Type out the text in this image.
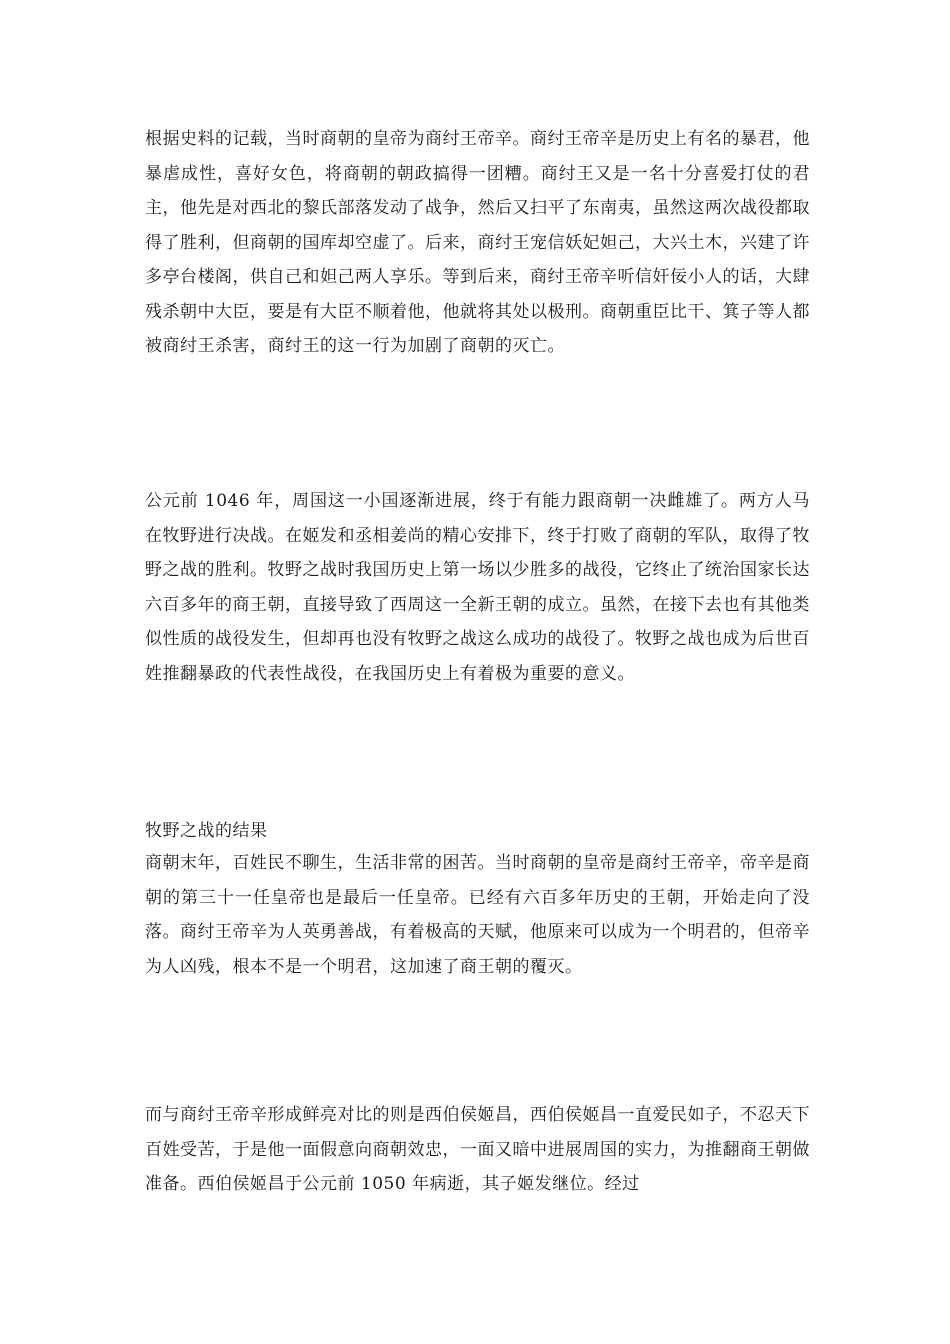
根据史料的记载，当时商朝的皇帝为商纣王帝辛。商纣王帝辛是历史上有名的暴君，他暴虐成性，喜好女色，将商朝的朝政搞得一团糟。商纣王又是一名十分喜爱打仗的君主，他先是对西北的黎氏部落发动了战争，然后又扫平了东南夷，虽然这两次战役都取得了胜利，但商朝的国库却空虚了。后来，商纣王宠信妖妃妲己，大兴土木，兴建了许多亭台楼阁，供自己和妲己两人享乐。等到后来，商纣王帝辛听信奸佞小人的话，大肆残杀朝中大臣，要是有大臣不顺着他，他就将其处以极刑。商朝重臣比干、箕子等人都被商纣王杀害，商纣王的这一行为加剧了商朝的灭亡。

公元前 1046 年，周国这一小国逐渐进展，终于有能力跟商朝一决雌雄了。两方人马在牧野进行决战。在姬发和丞相姜尚的精心安排下，终于打败了商朝的军队，取得了牧野之战的胜利。牧野之战时我国历史上第一场以少胜多的战役，它终止了统治国家长达六百多年的商王朝，直接导致了西周这一全新王朝的成立。虽然，在接下去也有其他类似性质的战役发生，但却再也没有牧野之战这么成功的战役了。牧野之战也成为后世百姓推翻暴政的代表性战役，在我国历史上有着极为重要的意义。

牧野之战的结果

商朝末年，百姓民不聊生，生活非常的困苦。当时商朝的皇帝是商纣王帝辛，帝辛是商朝的第三十一任皇帝也是最后一任皇帝。已经有六百多年历史的王朝，开始走向了没落。商纣王帝辛为人英勇善战，有着极高的天赋，他原来可以成为一个明君的，但帝辛为人凶残，根本不是一个明君，这加速了商王朝的覆灭。

而与商纣王帝辛形成鲜亮对比的则是西伯侯姬昌，西伯侯姬昌一直爱民如子，不忍天下百姓受苦，于是他一面假意向商朝效忠，一面又暗中进展周国的实力，为推翻商王朝做准备。西伯侯姬昌于公元前 1050 年病逝，其子姬发继位。经过
